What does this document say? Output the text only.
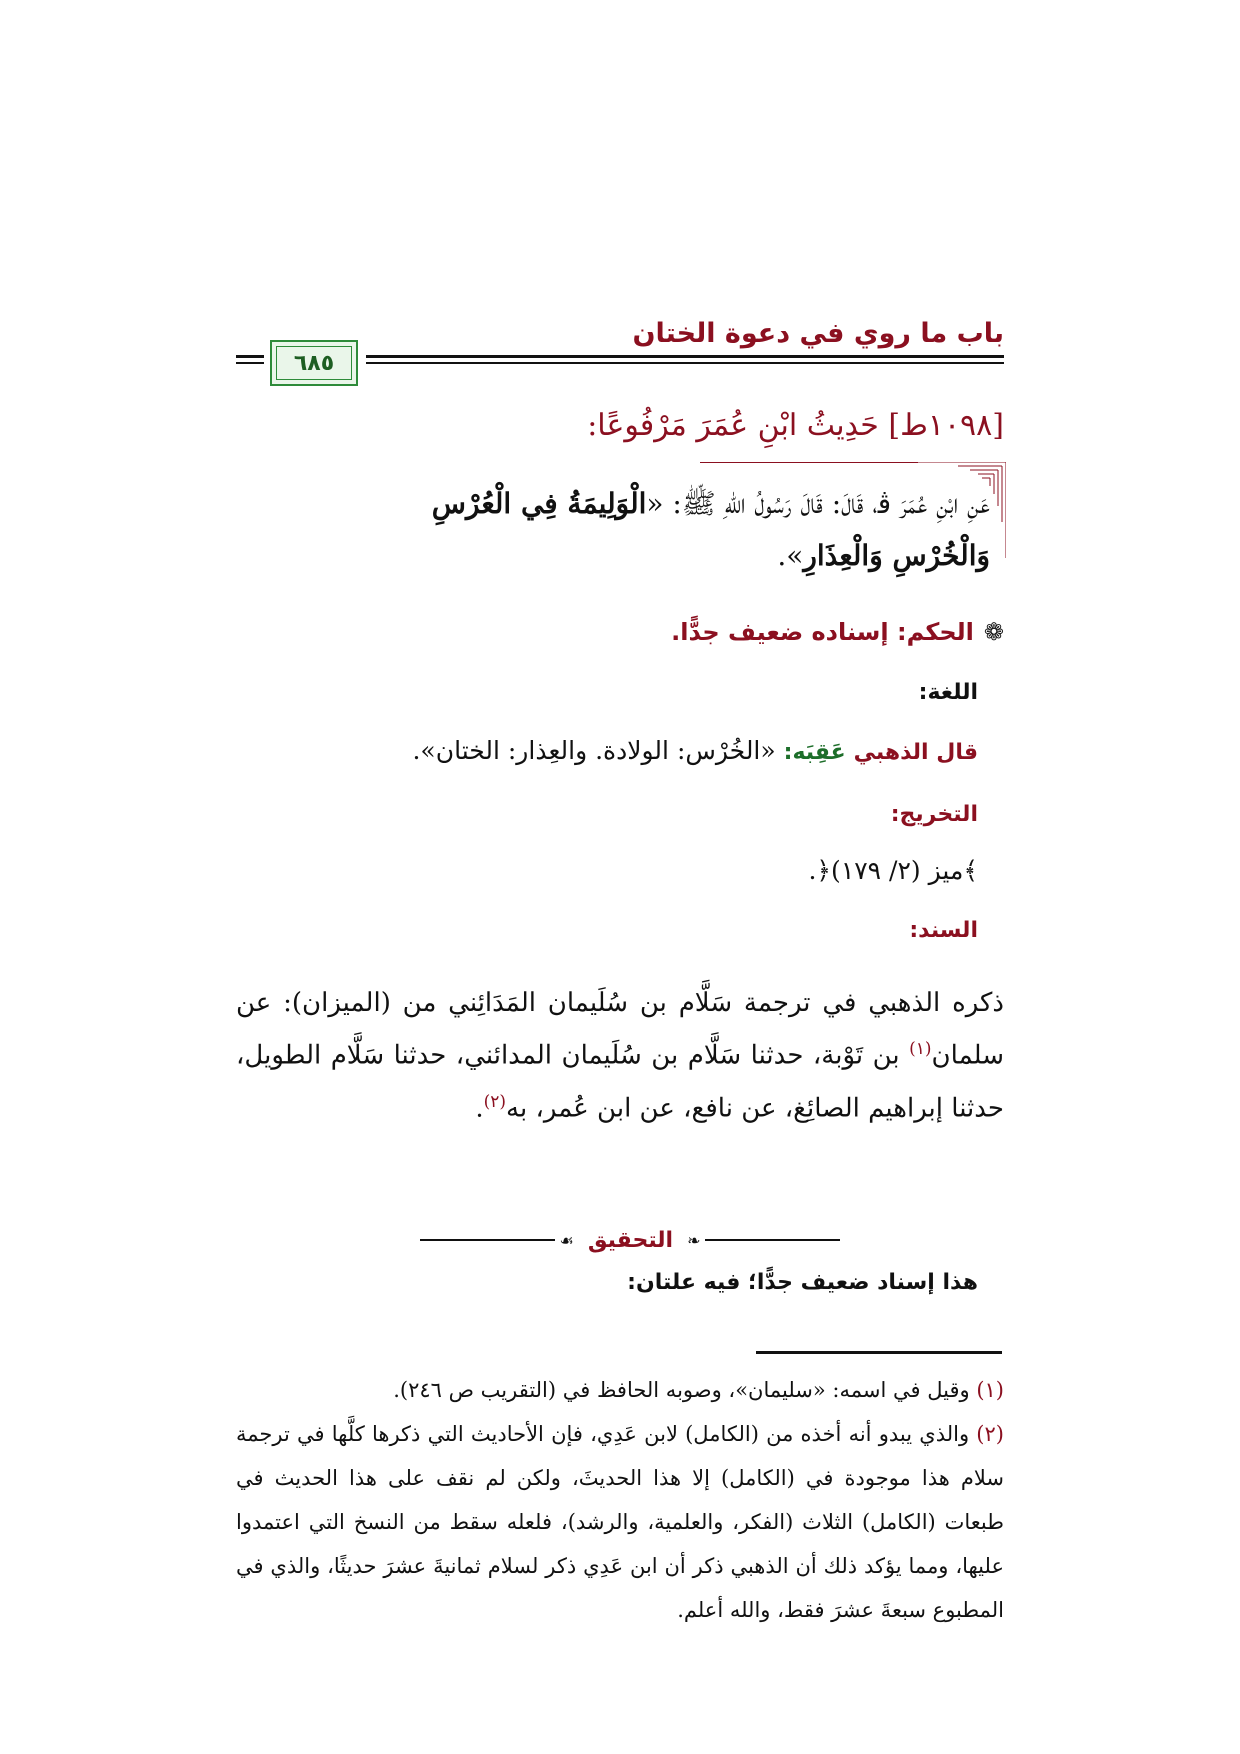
باب ما روي في دعوة الختان
٦٨٥
[١٠٩٨ط] حَدِيثُ ابْنِ عُمَرَ مَرْفُوعًا:
عَنِ ابْنِ عُمَرَ ﭬ، قَالَ: قَالَ رَسُولُ اللهِ ﷺ: «الْوَلِيمَةُ فِي الْعُرْسِ
وَالْخُرْسِ وَالْعِذَارِ».
❁الحكم: إسناده ضعيف جدًّا.
اللغة:
قال الذهبي عَقِبَه: «الخُرْس: الولادة. والعِذار: الختان».
التخريج:
﴾ميز (٢/ ١٧٩)﴿.
السند:
ذكره الذهبي في ترجمة سَلَّام بن سُلَيمان المَدَائِني من (الميزان): عن سلمان$^{(١)}$ بن تَوْبة، حدثنا سَلَّام بن سُلَيمان المدائني، حدثنا سَلَّام الطويل، حدثنا إبراهيم الصائِغ، عن نافع، عن ابن عُمر، به$^{(٢)}$.
❧
التحقيق
☙
هذا إسناد ضعيف جدًّا؛ فيه علتان:

(١) وقيل في اسمه: «سليمان»، وصوبه الحافظ في (التقريب ص ٢٤٦).

(٢) والذي يبدو أنه أخذه من (الكامل) لابن عَدِي، فإن الأحاديث التي ذكرها كلَّها في ترجمة سلام هذا موجودة في (الكامل) إلا هذا الحديثَ، ولكن لم نقف على هذا الحديث في طبعات (الكامل) الثلاث (الفكر، والعلمية، والرشد)، فلعله سقط من النسخ التي اعتمدوا عليها، ومما يؤكد ذلك أن الذهبي ذكر أن ابن عَدِي ذكر لسلام ثمانيةَ عشرَ حديثًا، والذي في المطبوع سبعةَ عشرَ فقط، والله أعلم.
